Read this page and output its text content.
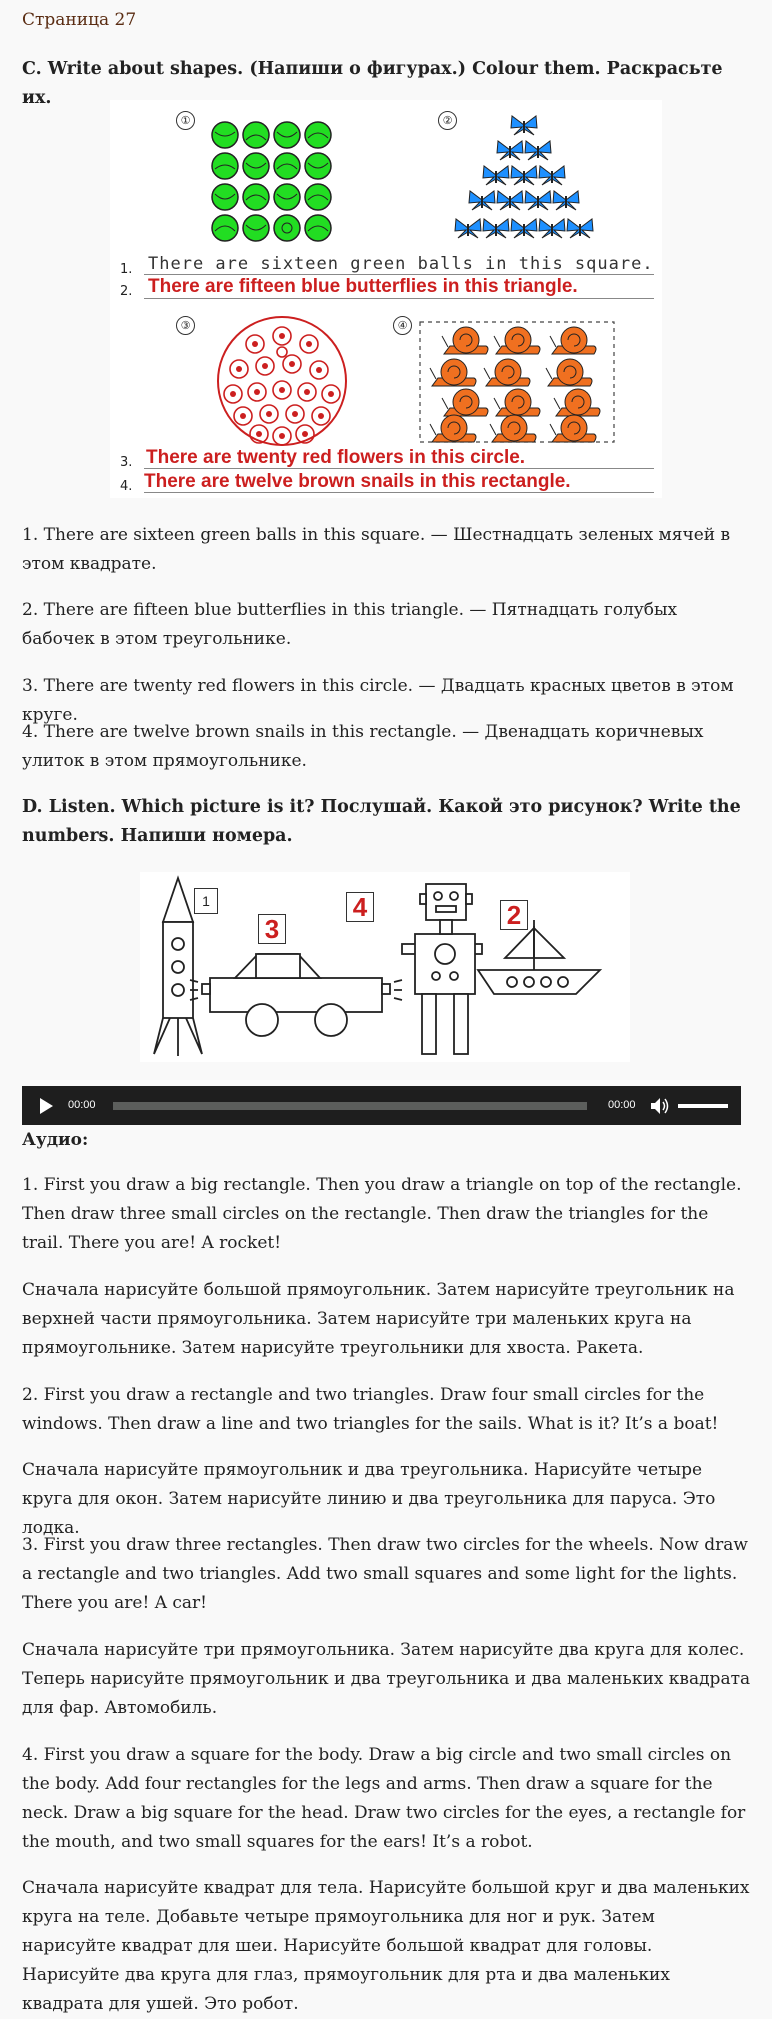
Страница 27
C. Write about shapes. (Напиши о фигурах.) Colour them. Раскрасьте их.
①	②
③	④
1. There are sixteen green balls in this square.
2. There are fifteen blue butterflies in this triangle.
3. There are twenty red flowers in this circle.
4. There are twelve brown snails in this rectangle.
1. There are sixteen green balls in this square. — Шестнадцать зеленых мячей в этом квадрате.
2. There are fifteen blue butterflies in this triangle. — Пятнадцать голубых бабочек в этом треугольнике.
3. There are twenty red flowers in this circle. — Двадцать красных цветов в этом круге.
4. There are twelve brown snails in this rectangle. — Двенадцать коричневых улиток в этом прямоугольнике.
D. Listen. Which picture is it? Послушай. Какой это рисунок? Write the numbers. Напиши номера.
1
3
4	2
00:00	00:00
Аудио:
1. First you draw a big rectangle. Then you draw a triangle on top of the rectangle. Then draw three small circles on the rectangle. Then draw the triangles for the trail. There you are! A rocket!
Сначала нарисуйте большой прямоугольник. Затем нарисуйте треугольник на верхней части прямоугольника. Затем нарисуйте три маленьких круга на прямоугольнике. Затем нарисуйте треугольники для хвоста. Ракета.
2. First you draw a rectangle and two triangles. Draw four small circles for the windows. Then draw a line and two triangles for the sails. What is it? It’s a boat!
Сначала нарисуйте прямоугольник и два треугольника. Нарисуйте четыре круга для окон. Затем нарисуйте линию и два треугольника для паруса. Это лодка.
3. First you draw three rectangles. Then draw two circles for the wheels. Now draw a rectangle and two triangles. Add two small squares and some light for the lights. There you are! A car!
Сначала нарисуйте три прямоугольника. Затем нарисуйте два круга для колес. Теперь нарисуйте прямоугольник и два треугольника и два маленьких квадрата для фар. Автомобиль.
4. First you draw a square for the body. Draw a big circle and two small circles on the body. Add four rectangles for the legs and arms. Then draw a square for the neck. Draw a big square for the head. Draw two circles for the eyes, a rectangle for the mouth, and two small squares for the ears! It’s a robot.
Сначала нарисуйте квадрат для тела. Нарисуйте большой круг и два маленьких круга на теле. Добавьте четыре прямоугольника для ног и рук. Затем нарисуйте квадрат для шеи. Нарисуйте большой квадрат для головы. Нарисуйте два круга для глаз, прямоугольник для рта и два маленьких квадрата для ушей. Это робот.
